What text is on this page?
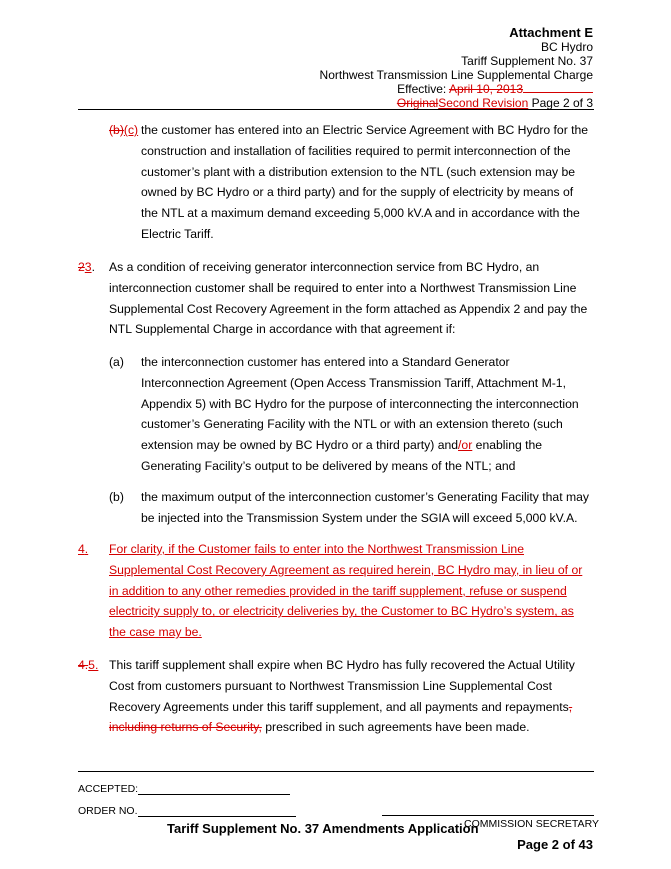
Attachment E
BC Hydro
Tariff Supplement No. 37
Northwest Transmission Line Supplemental Charge
Effective: April 10, 2013
OriginalSecond Revision Page 2 of 3
(b)(c) the customer has entered into an Electric Service Agreement with BC Hydro for the construction and installation of facilities required to permit interconnection of the customer’s plant with a distribution extension to the NTL (such extension may be owned by BC Hydro or a third party) and for the supply of electricity by means of the NTL at a maximum demand exceeding 5,000 kV.A and in accordance with the Electric Tariff.
23. As a condition of receiving generator interconnection service from BC Hydro, an interconnection customer shall be required to enter into a Northwest Transmission Line Supplemental Cost Recovery Agreement in the form attached as Appendix 2 and pay the NTL Supplemental Charge in accordance with that agreement if:
(a) the interconnection customer has entered into a Standard Generator Interconnection Agreement (Open Access Transmission Tariff, Attachment M-1, Appendix 5) with BC Hydro for the purpose of interconnecting the interconnection customer’s Generating Facility with the NTL or with an extension thereto (such extension may be owned by BC Hydro or a third party) and/or enabling the Generating Facility’s output to be delivered by means of the NTL; and
(b) the maximum output of the interconnection customer’s Generating Facility that may be injected into the Transmission System under the SGIA will exceed 5,000 kV.A.
4. For clarity, if the Customer fails to enter into the Northwest Transmission Line Supplemental Cost Recovery Agreement as required herein, BC Hydro may, in lieu of or in addition to any other remedies provided in the tariff supplement, refuse or suspend electricity supply to, or electricity deliveries by, the Customer to BC Hydro’s system, as the case may be.
4.5. This tariff supplement shall expire when BC Hydro has fully recovered the Actual Utility Cost from customers pursuant to Northwest Transmission Line Supplemental Cost Recovery Agreements under this tariff supplement, and all payments and repayments, including returns of Security, prescribed in such agreements have been made.
ACCEPTED:
ORDER NO.
COMMISSION SECRETARY
Tariff Supplement No. 37 Amendments Application
Page 2 of 43
